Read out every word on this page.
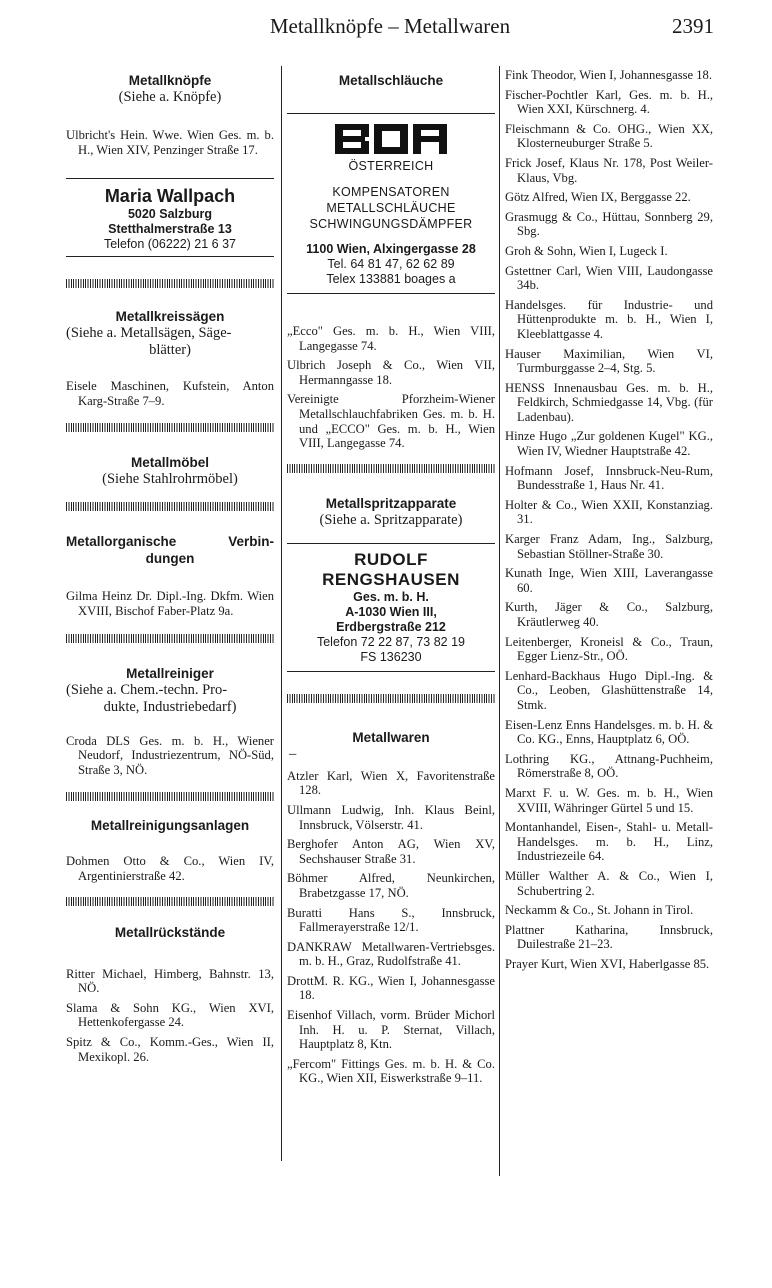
Metallknöpfe – Metallwaren	2391

Metallknöpfe

(Siehe a. Knöpfe)

Ulbricht's Hein. Wwe. Wien Ges. m. b. H., Wien XIV, Penzinger Straße 17.

Maria Wallpach
5020 Salzburg
Stetthalmerstraße 13
Telefon (06222) 21 6 37

Metallkreissägen

(Siehe a. Metallsägen, Säge-
blätter)

Eisele Maschinen, Kufstein, Anton Karg-Straße 7–9.

Metallmöbel

(Siehe Stahlrohrmöbel)

Metallorganische Verbin-

dungen

Gilma Heinz Dr. Dipl.-Ing. Dkfm. Wien XVIII, Bischof Faber-Platz 9a.

Metallreiniger

(Siehe a. Chem.-techn. Pro-
dukte, Industriebedarf)

Croda DLS Ges. m. b. H., Wiener Neudorf, Industriezentrum, NÖ-Süd, Straße 3, NÖ.

Metallreinigungsanlagen

Dohmen Otto & Co., Wien IV, Argentinierstraße 42.

Metallrückstände

Ritter Michael, Himberg, Bahnstr. 13, NÖ.

Slama & Sohn KG., Wien XVI, Hettenkofergasse 24.

Spitz & Co., Komm.-Ges., Wien II, Mexikopl. 26.

Metallschläuche

ÖSTERREICH
KOMPENSATOREN
METALLSCHLÄUCHE
SCHWINGUNGSDÄMPFER
1100 Wien, Alxingergasse 28
Tel. 64 81 47, 62 62 89
Telex 133881 boages a

„Ecco" Ges. m. b. H., Wien VIII, Langegasse 74.

Ulbrich Joseph & Co., Wien VII, Hermanngasse 18.

Vereinigte Pforzheim-Wiener Metallschlauchfabriken Ges. m. b. H. und „ECCO" Ges. m. b. H., Wien VIII, Langegasse 74.

Metallspritzapparate

(Siehe a. Spritzapparate)

RUDOLF
RENGSHAUSEN
Ges. m. b. H.
A-1030 Wien III,
Erdbergstraße 212
Telefon 72 22 87, 73 82 19
FS 136230

Metallwaren

–

Atzler Karl, Wien X, Favoritenstraße 128.

Ullmann Ludwig, Inh. Klaus Beinl, Innsbruck, Völserstr. 41.

Berghofer Anton AG, Wien XV, Sechshauser Straße 31.

Böhmer Alfred, Neunkirchen, Brabetzgasse 17, NÖ.

Buratti Hans S., Innsbruck, Fallmerayerstraße 12/1.

DANKRAW Metallwaren-Vertriebsges. m. b. H., Graz, Rudolfstraße 41.

DrottM. R. KG., Wien I, Johannesgasse 18.

Eisenhof Villach, vorm. Brüder Michorl Inh. H. u. P. Sternat, Villach, Hauptplatz 8, Ktn.

„Fercom" Fittings Ges. m. b. H. & Co. KG., Wien XII, Eiswerkstraße 9–11.

Fink Theodor, Wien I, Johannesgasse 18.

Fischer-Pochtler Karl, Ges. m. b. H., Wien XXI, Kürschnerg. 4.

Fleischmann & Co. OHG., Wien XX, Klosterneuburger Straße 5.

Frick Josef, Klaus Nr. 178, Post Weiler-Klaus, Vbg.

Götz Alfred, Wien IX, Berggasse 22.

Grasmugg & Co., Hüttau, Sonnberg 29, Sbg.

Groh & Sohn, Wien I, Lugeck I.

Gstettner Carl, Wien VIII, Laudongasse 34b.

Handelsges. für Industrie- und Hüttenprodukte m. b. H., Wien I, Kleeblattgasse 4.

Hauser Maximilian, Wien VI, Turmburggasse 2–4, Stg. 5.

HENSS Innenausbau Ges. m. b. H., Feldkirch, Schmiedgasse 14, Vbg. (für Ladenbau).

Hinze Hugo „Zur goldenen Kugel" KG., Wien IV, Wiedner Hauptstraße 42.

Hofmann Josef, Innsbruck-Neu-Rum, Bundesstraße 1, Haus Nr. 41.

Holter & Co., Wien XXII, Konstanziag. 31.

Karger Franz Adam, Ing., Salzburg, Sebastian Stöllner-Straße 30.

Kunath Inge, Wien XIII, Laverangasse 60.

Kurth, Jäger & Co., Salzburg, Kräutlerweg 40.

Leitenberger, Kroneisl & Co., Traun, Egger Lienz-Str., OÖ.

Lenhard-Backhaus Hugo Dipl.-Ing. & Co., Leoben, Glashüttenstraße 14, Stmk.

Eisen-Lenz Enns Handelsges. m. b. H. & Co. KG., Enns, Hauptplatz 6, OÖ.

Lothring KG., Attnang-Puchheim, Römerstraße 8, OÖ.

Marxt F. u. W. Ges. m. b. H., Wien XVIII, Währinger Gürtel 5 und 15.

Montanhandel, Eisen-, Stahl- u. Metall-Handelsges. m. b. H., Linz, Industriezeile 64.

Müller Walther A. & Co., Wien I, Schubertring 2.

Neckamm & Co., St. Johann in Tirol.

Plattner Katharina, Innsbruck, Duilestraße 21–23.

Prayer Kurt, Wien XVI, Haberlgasse 85.
